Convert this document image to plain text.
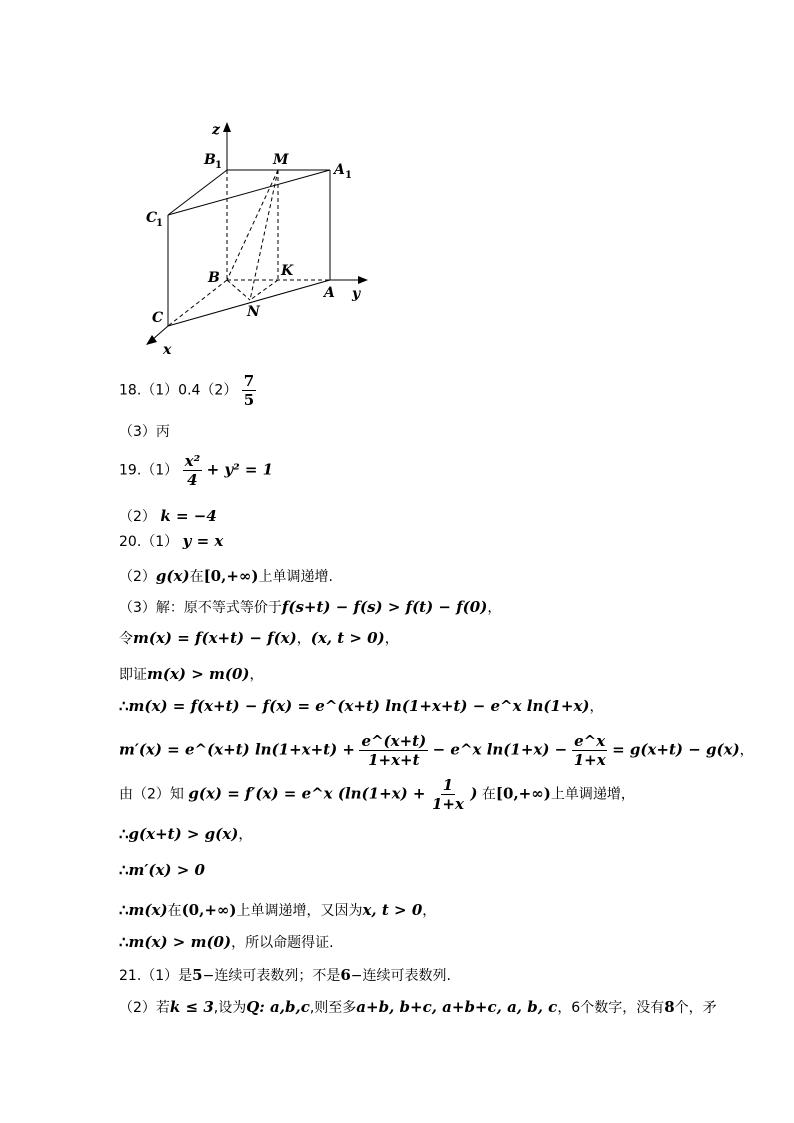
z
y
x
B 1	M
A 1
C
1
B	K
A
C	N
$18.(1)0.4(2) \frac{7}{5}$
（3）丙
$19.(1) \frac{\text{x²}}{4} + y^2 = 1$
（2） k = −4
20.（1） y = x
（2）g(x)在[0,+∞)上单调递增.
（3）解：原不等式等价于f(s+t) − f(s) > f(t) − f(0)，
令m(x) = f(x+t) − f(x)，(x, t > 0)，
即证m(x) > m(0)，
∴m(x) = f(x+t) − f(x) = e^(x+t) ln(1+x+t) − e^x ln(1+x)，
m′(x) = e^(x+t) $\ln(1+x+t) + \frac{e\^{}(x+t)}{1+x+t}$ − e^x $\ln(1+x) - \frac{e\^{}x}{1+x} = g(x+t) - g(x)$，
由（2）知 g(x) = f′(x) = e^x ($\ln(1+x) + \frac{1}{1+x}$ ) 在[0,+∞)上单调递增，
∴g(x+t) > g(x)，
∴m′(x) > 0
∴m(x)在(0,+∞)上单调递增，又因为x, t > 0，
∴m(x) > m(0)，所以命题得证.
21.（1）是5−连续可表数列；不是6−连续可表数列.
（2）若k ≤ 3,设为Q: a,b,c,则至多a+b, b+c, a+b+c, a, b, c，6个数字，没有8个，矛
